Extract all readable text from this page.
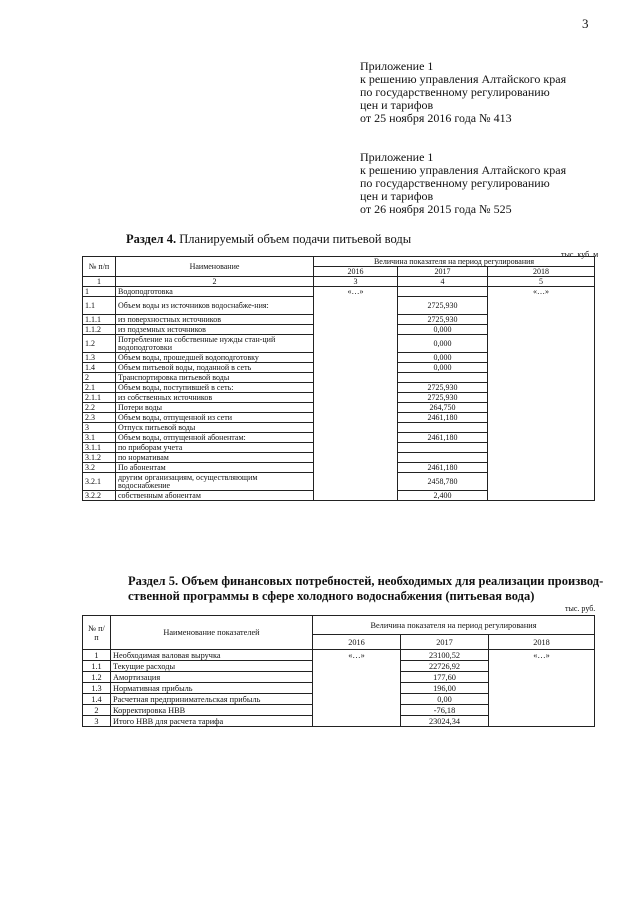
3
Приложение 1
к решению управления Алтайского края
по государственному регулированию
цен и тарифов
от 25 ноября 2016 года № 413
Приложение 1
к решению управления Алтайского края
по государственному регулированию
цен и тарифов
от 26 ноября 2015 года № 525
Раздел 4. Планируемый объем подачи питьевой воды
тыс. куб. м
№ п/п	Наименование	Величина показателя на период регулирования		
		2016	2017	2018
1	2	3	4	5
1	Водоподготовка	«…»		«…»
1.1	Объем воды из источников водоснабже-ния:		2725,930	
1.1.1	из поверхностных источников		2725,930	
1.1.2	из подземных источников		0,000	
1.2	Потребление на собственные нужды стан-ций водоподготовки		0,000	
1.3	Объем воды, прошедшей водоподготовку		0,000	
1.4	Объем питьевой воды, поданной в сеть		0,000	
2	Транспортировка питьевой воды			
2.1	Объем воды, поступившей в сеть:		2725,930	
2.1.1	из собственных источников		2725,930	
2.2	Потери воды		264,750	
2.3	Объем воды, отпущенной из сети		2461,180	
3	Отпуск питьевой воды			
3.1	Объем воды, отпущенной абонентам:		2461,180	
3.1.1	по приборам учета			
3.1.2	по нормативам			
3.2	По абонентам		2461,180	
3.2.1	другим организациям, осуществляющим водоснабжение		2458,780	
3.2.2	собственным абонентам		2,400	
Раздел 5. Объем финансовых потребностей, необходимых для реализации производ-ственной программы в сфере холодного водоснабжения (питьевая вода)
тыс. руб.
№ п/ п	Наименование показателей	Величина показателя на период регулирования		
		2016	2017	2018
1	Необходимая валовая выручка	«…»	23100,52	«…»
1.1	Текущие расходы		22726,92	
1.2	Амортизация		177,60	
1.3	Нормативная прибыль		196,00	
1.4	Расчетная предпринимательская прибыль		0,00	
2	Корректировка НВВ		-76,18	
3	Итого НВВ для расчета тарифа		23024,34	
